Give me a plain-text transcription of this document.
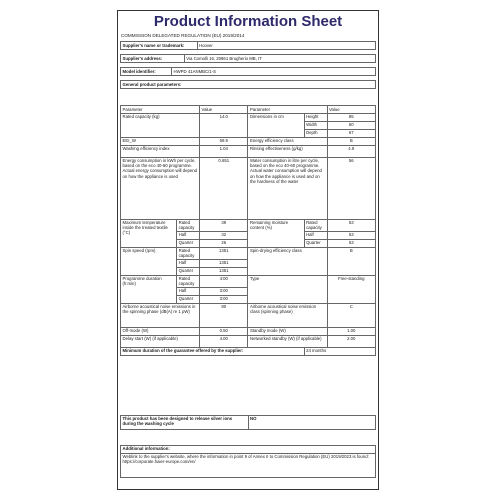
Product Information Sheet
COMMISSION DELEGATED REGULATION (EU) 2019/2014
Supplier's name or trademark:	Hoover
Supplier's address:	Via Comolli 16, 20861 Brugherio MB, IT
Model identifier:	HWPD 41ANMBC/1-S
General product parameters:
Parameter		Value	Parameter		Value
Rated capacity (kg)		14.0	Dimensions in cm	Height	85
				Width	60
				Depth	67
EEI_W		59.9	Energy efficiency class		B
Washing efficiency index		1.04	Rinsing effectiveness (g/kg)		4.9
Energy consumption in kWh per cycle, based on the eco 40-60 programme. Actual energy consumption will depend on how the appliance is used		0.651	Water consumption in litre per cycle, based on the eco 40-60 programme. Actual water consumption will depend on how the appliance is used and on the hardness of the water		56
Maximum temperature inside the treated textile (°C)	Rated capacity	39	Remaining moisture content (%)	Rated capacity	53
	Half	32		Half	53
	Quarter	26		Quarter	53
Spin speed (rpm)	Rated capacity	1351	Spin-drying efficiency class		B
	Half	1351			
	Quarter	1351			
Programme duration (h:min)	Rated capacity	4:00	Type		Free-standing
	Half	3:00			
	Quarter	3:00			
Airborne acoustical noise emissions in the spinning phase (dB(A) re 1 pW)		80	Airborne acoustical noise emission class (spinning phase)		C
Off-mode (W)		0.50	Standby mode (W)		1.00
Delay start (W) (if applicable)		4.00	Networked standby (W) (if applicable)		2.00
Minimum duration of the guarantee offered by the supplier:				24 months	
This product has been designed to release silver ions during the washing cycle	NO
Additional information:
Weblink to the supplier's website, where the information in point 9 of Annex II to Commission Regulation (EU) 2019/2023 is found: https://corporate.haier-europe.com/en/
